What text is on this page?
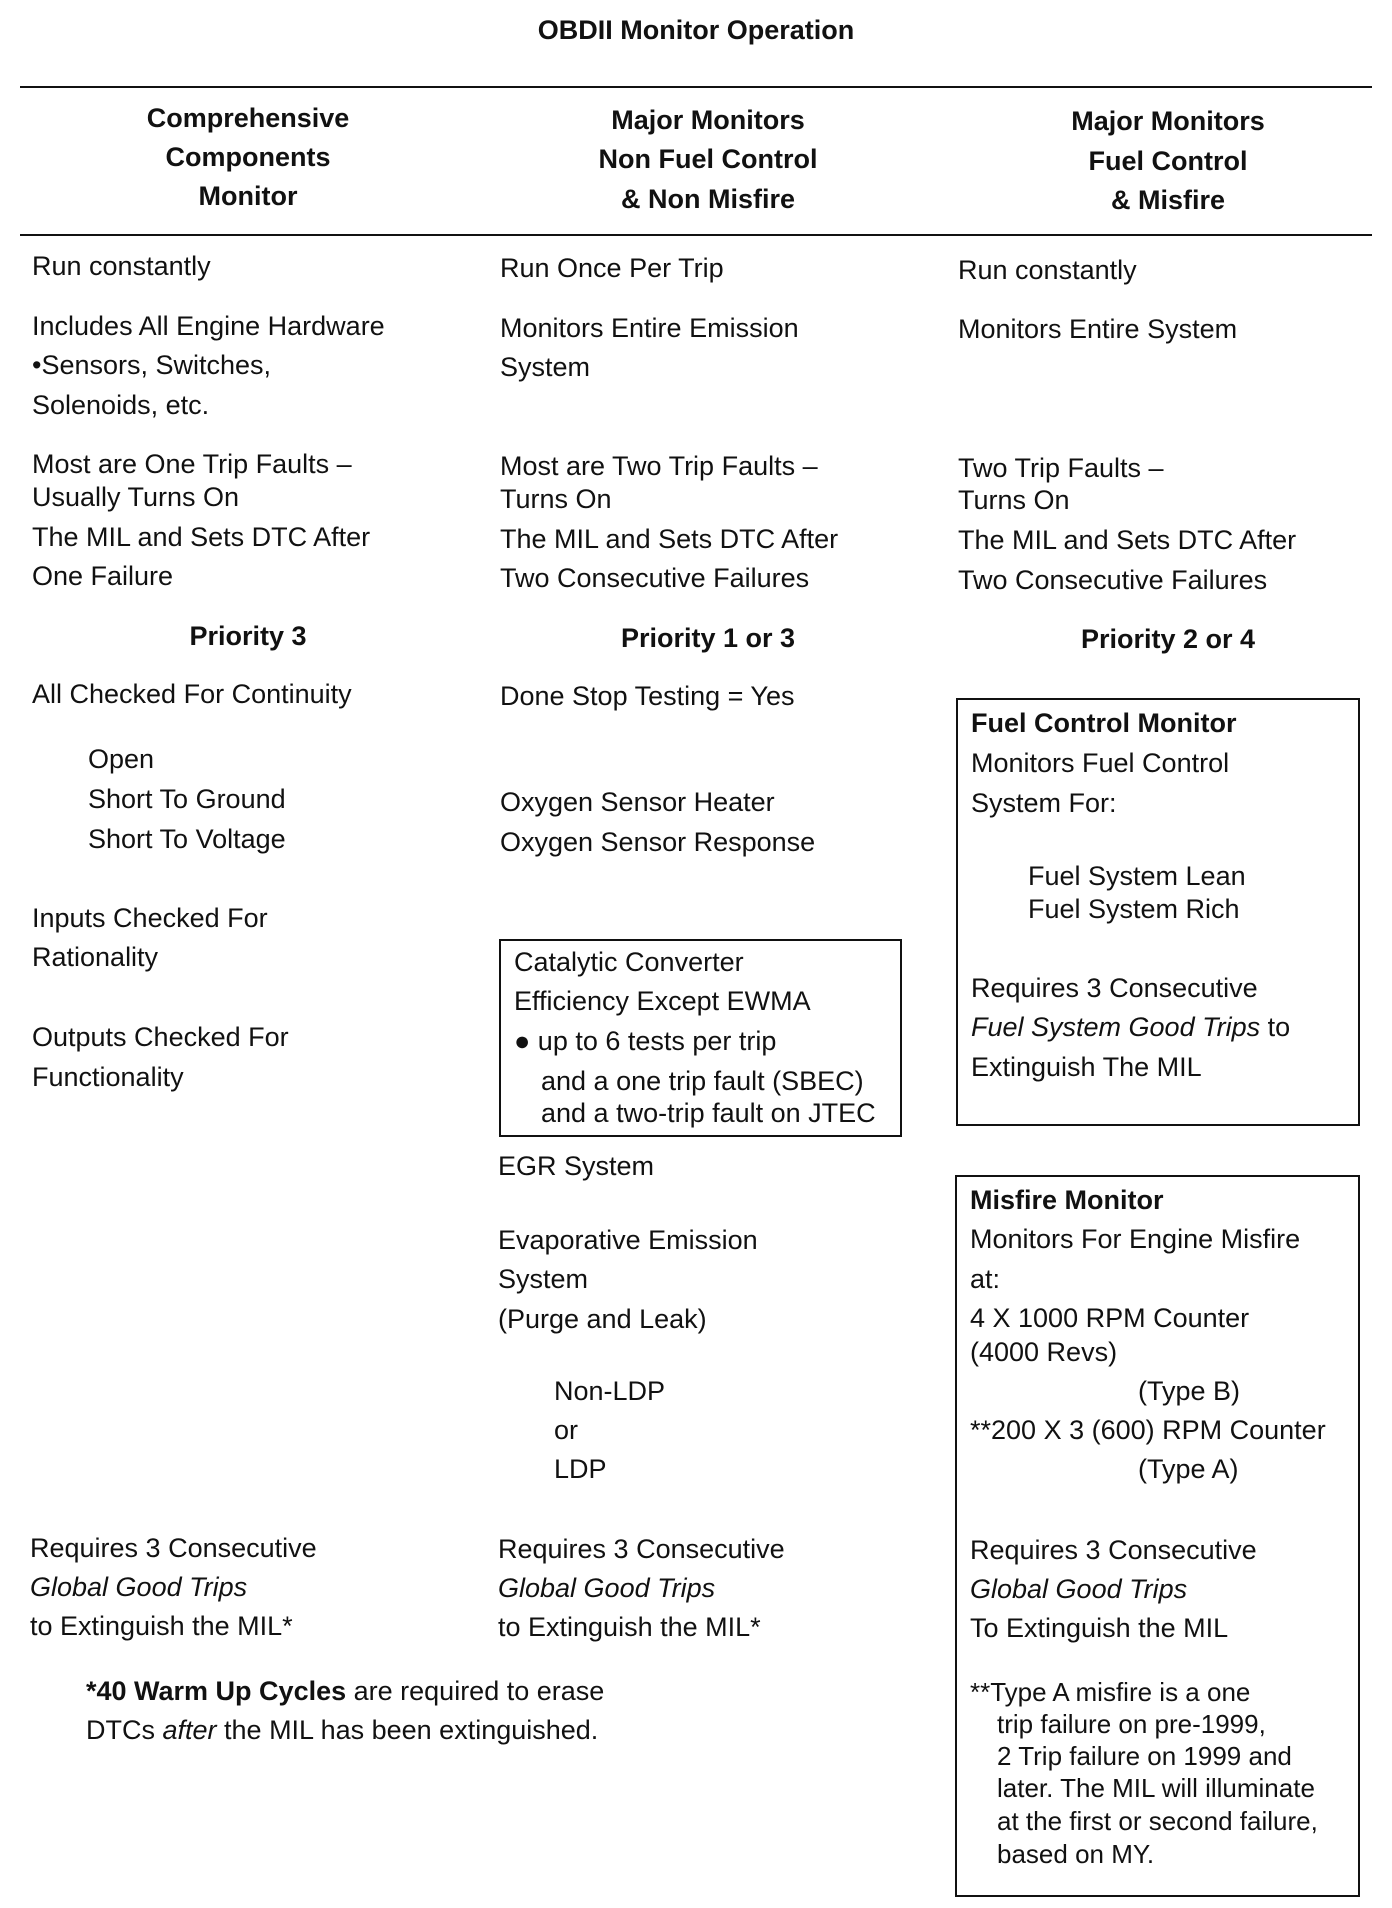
OBDII Monitor Operation
Comprehensive
Components
Monitor
Major Monitors
Non Fuel Control
& Non Misfire
Major Monitors
Fuel Control
& Misfire
Run constantly
Includes All Engine Hardware
•Sensors, Switches,
Solenoids, etc.
Most are One Trip Faults –
Usually Turns On
The MIL and Sets DTC After
One Failure
Priority 3
All Checked For Continuity
Open
Short To Ground
Short To Voltage
Inputs Checked For
Rationality
Outputs Checked For
Functionality
Requires 3 Consecutive
Global Good Trips
to Extinguish the MIL*
Run Once Per Trip
Monitors Entire Emission
System
Most are Two Trip Faults –
Turns On
The MIL and Sets DTC After
Two Consecutive Failures
Priority 1 or 3
Done Stop Testing = Yes
Oxygen Sensor Heater
Oxygen Sensor Response
Catalytic Converter
Efficiency Except EWMA
● up to 6 tests per trip
and a one trip fault (SBEC)
and a two-trip fault on JTEC
EGR System
Evaporative Emission
System
(Purge and Leak)
Non-LDP
or
LDP
Requires 3 Consecutive
Global Good Trips
to Extinguish the MIL*
Run constantly
Monitors Entire System
Two Trip Faults –
Turns On
The MIL and Sets DTC After
Two Consecutive Failures
Priority 2 or 4
Fuel Control Monitor
Monitors Fuel Control
System For:
Fuel System Lean
Fuel System Rich
Requires 3 Consecutive
Fuel System Good Trips to
Extinguish The MIL
Misfire Monitor
Monitors For Engine Misfire
at:
4 X 1000 RPM Counter
(4000 Revs)
(Type B)
**200 X 3 (600) RPM Counter
(Type A)
Requires 3 Consecutive
Global Good Trips
To Extinguish the MIL
**Type A misfire is a one
trip failure on pre-1999,
2 Trip failure on 1999 and
later. The MIL will illuminate
at the first or second failure,
based on MY.
*40 Warm Up Cycles are required to erase
DTCs after the MIL has been extinguished.
